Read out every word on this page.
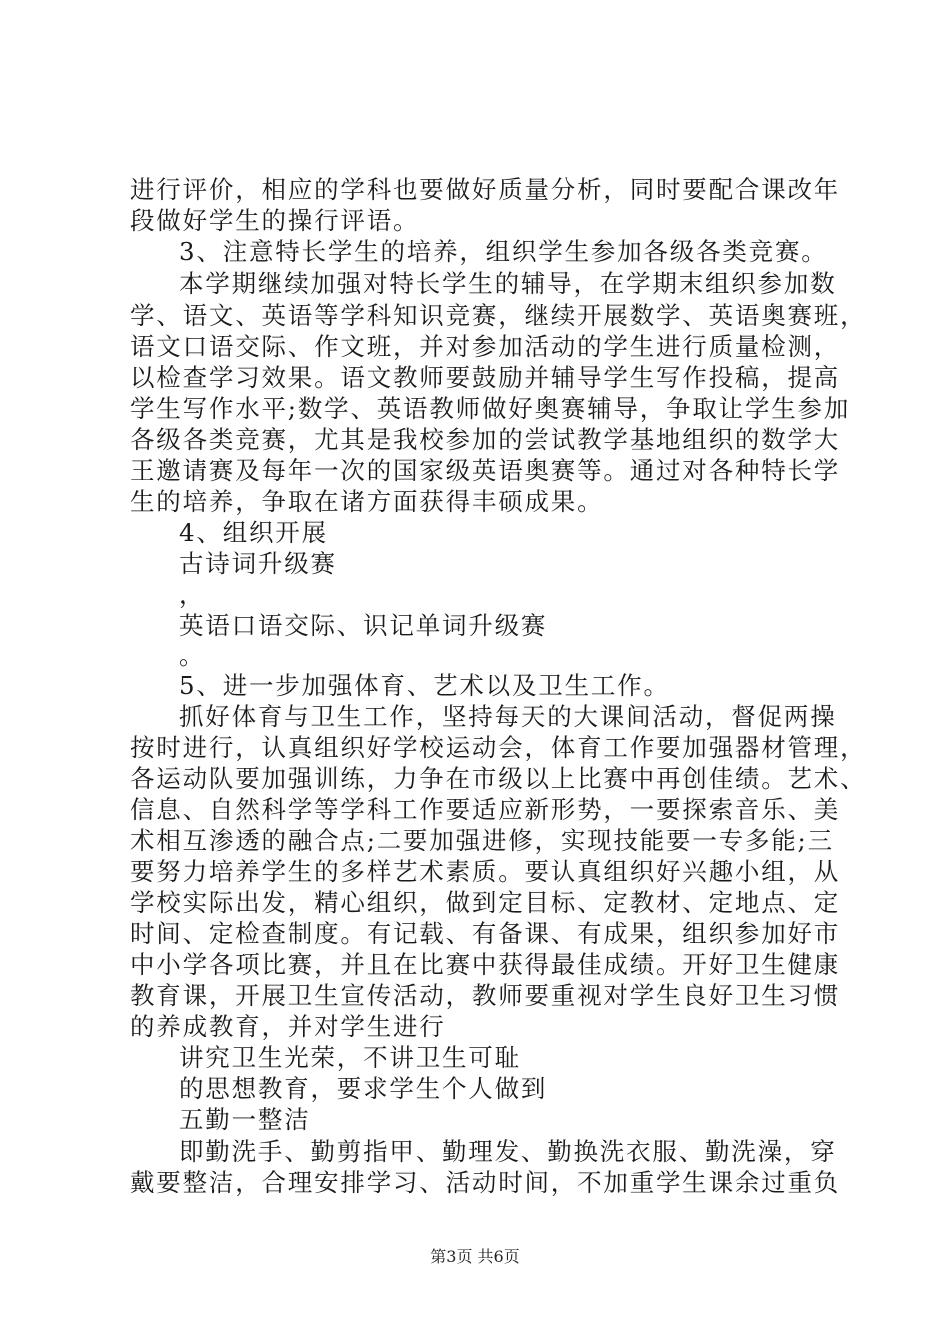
进行评价，相应的学科也要做好质量分析，同时要配合课改年
段做好学生的操行评语。
3、注意特长学生的培养，组织学生参加各级各类竞赛。
本学期继续加强对特长学生的辅导，在学期末组织参加数
学、语文、英语等学科知识竞赛，继续开展数学、英语奥赛班，
语文口语交际、作文班，并对参加活动的学生进行质量检测，
以检查学习效果。语文教师要鼓励并辅导学生写作投稿，提高
学生写作水平;数学、英语教师做好奥赛辅导，争取让学生参加
各级各类竞赛，尤其是我校参加的尝试教学基地组织的数学大
王邀请赛及每年一次的国家级英语奥赛等。通过对各种特长学
生的培养，争取在诸方面获得丰硕成果。
4、组织开展
古诗词升级赛
，
英语口语交际、识记单词升级赛
。
5、进一步加强体育、艺术以及卫生工作。
抓好体育与卫生工作，坚持每天的大课间活动，督促两操
按时进行，认真组织好学校运动会，体育工作要加强器材管理，
各运动队要加强训练，力争在市级以上比赛中再创佳绩。艺术、
信息、自然科学等学科工作要适应新形势，一要探索音乐、美
术相互渗透的融合点;二要加强进修，实现技能要一专多能;三
要努力培养学生的多样艺术素质。要认真组织好兴趣小组，从
学校实际出发，精心组织，做到定目标、定教材、定地点、定
时间、定检查制度。有记载、有备课、有成果，组织参加好市
中小学各项比赛，并且在比赛中获得最佳成绩。开好卫生健康
教育课，开展卫生宣传活动，教师要重视对学生良好卫生习惯
的养成教育，并对学生进行
讲究卫生光荣，不讲卫生可耻
的思想教育，要求学生个人做到
五勤一整洁
即勤洗手、勤剪指甲、勤理发、勤换洗衣服、勤洗澡，穿
戴要整洁，合理安排学习、活动时间，不加重学生课余过重负
第3页 共6页
